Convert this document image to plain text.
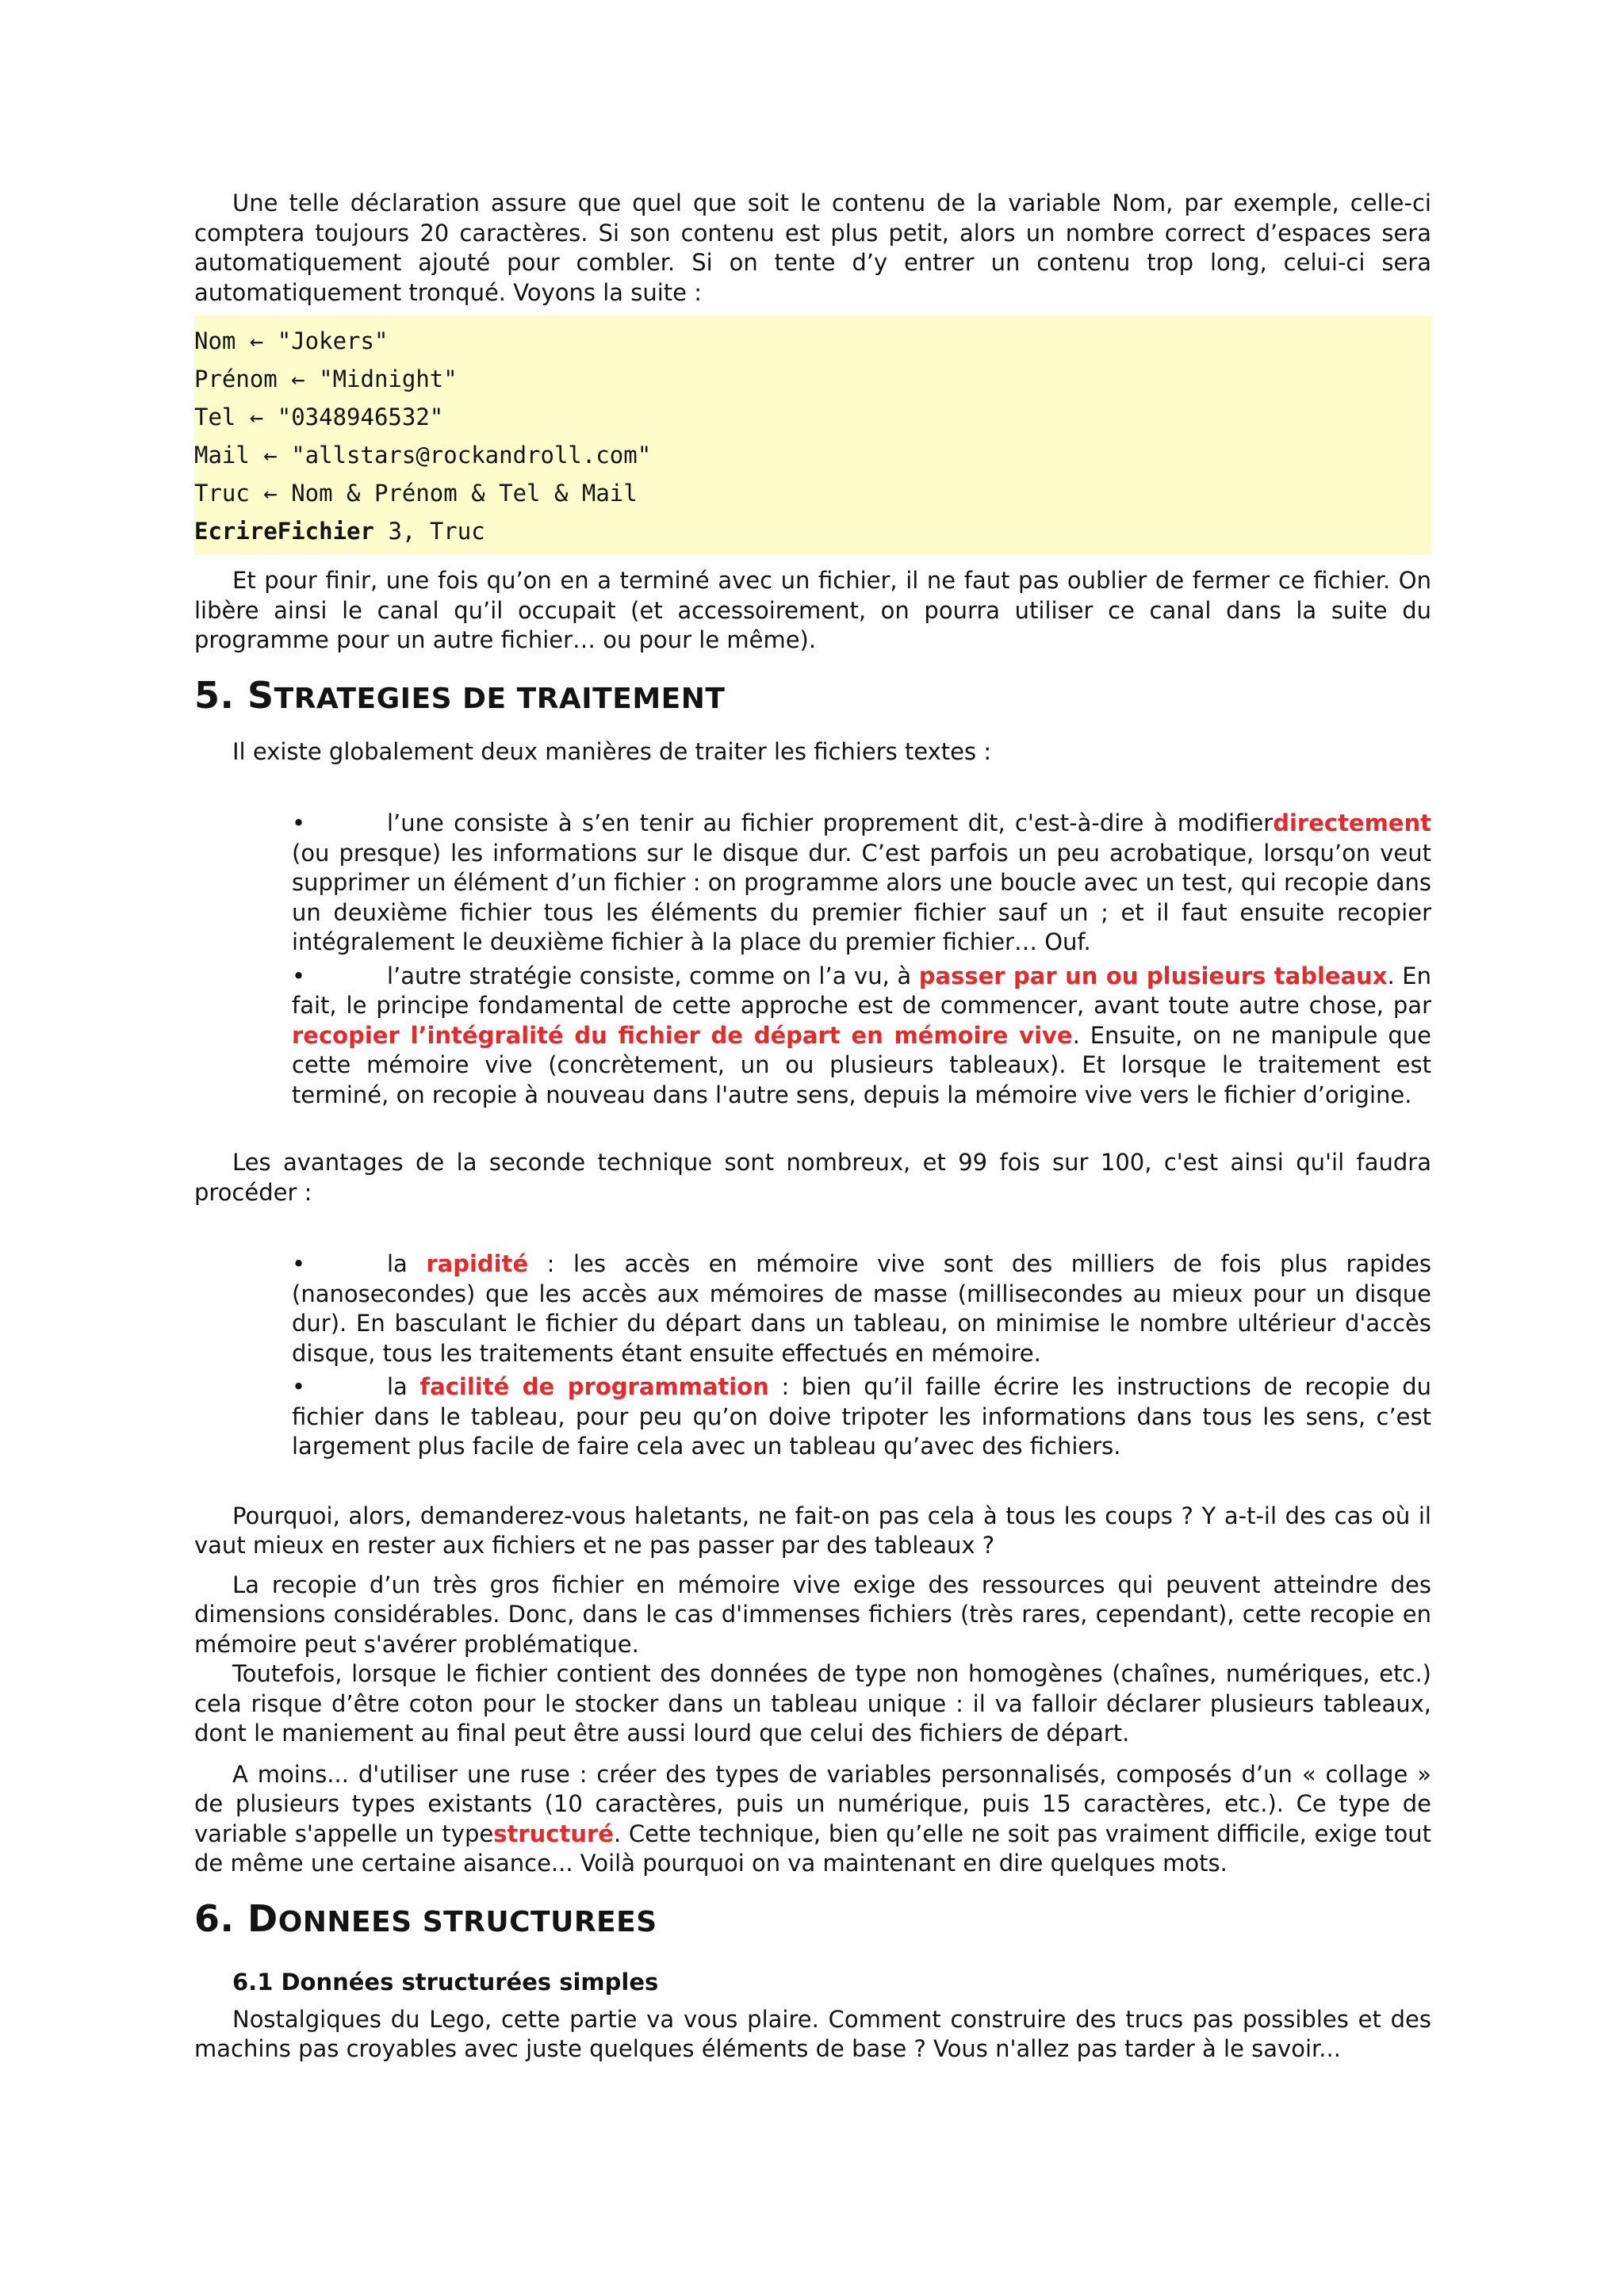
Une telle déclaration assure que quel que soit le contenu de la variable Nom, par exemple, celle-ci comptera toujours 20 caractères. Si son contenu est plus petit, alors un nombre correct d’espaces sera automatiquement ajouté pour combler. Si on tente d’y entrer un contenu trop long, celui-ci sera automatiquement tronqué. Voyons la suite :

Nom ← "Jokers"
Prénom ← "Midnight"
Tel ← "0348946532"
Mail ← "allstars@rockandroll.com"
Truc ← Nom & Prénom & Tel & Mail
EcrireFichier 3, Truc

Et pour finir, une fois qu’on en a terminé avec un fichier, il ne faut pas oublier de fermer ce fichier. On libère ainsi le canal qu’il occupait (et accessoirement, on pourra utiliser ce canal dans la suite du programme pour un autre fichier… ou pour le même).

5. STRATEGIES DE TRAITEMENT

Il existe globalement deux manières de traiter les fichiers textes :

•	l’une consiste à s’en tenir au fichier proprement dit, c'est-à-dire à modifierdirectement (ou presque) les informations sur le disque dur. C’est parfois un peu acrobatique, lorsqu’on veut supprimer un élément d’un fichier : on programme alors une boucle avec un test, qui recopie dans un deuxième fichier tous les éléments du premier fichier sauf un ; et il faut ensuite recopier intégralement le deuxième fichier à la place du premier fichier… Ouf.
•	l’autre stratégie consiste, comme on l’a vu, à passer par un ou plusieurs tableaux. En fait, le principe fondamental de cette approche est de commencer, avant toute autre chose, par recopier l’intégralité du fichier de départ en mémoire vive. Ensuite, on ne manipule que cette mémoire vive (concrètement, un ou plusieurs tableaux). Et lorsque le traitement est terminé, on recopie à nouveau dans l'autre sens, depuis la mémoire vive vers le fichier d’origine.

Les avantages de la seconde technique sont nombreux, et 99 fois sur 100, c'est ainsi qu'il faudra procéder :

•	la rapidité : les accès en mémoire vive sont des milliers de fois plus rapides (nanosecondes) que les accès aux mémoires de masse (millisecondes au mieux pour un disque dur). En basculant le fichier du départ dans un tableau, on minimise le nombre ultérieur d'accès disque, tous les traitements étant ensuite effectués en mémoire.
•	la facilité de programmation : bien qu’il faille écrire les instructions de recopie du fichier dans le tableau, pour peu qu’on doive tripoter les informations dans tous les sens, c’est largement plus facile de faire cela avec un tableau qu’avec des fichiers.

Pourquoi, alors, demanderez-vous haletants, ne fait-on pas cela à tous les coups ? Y a-t-il des cas où il vaut mieux en rester aux fichiers et ne pas passer par des tableaux ?

La recopie d’un très gros fichier en mémoire vive exige des ressources qui peuvent atteindre des dimensions considérables. Donc, dans le cas d'immenses fichiers (très rares, cependant), cette recopie en mémoire peut s'avérer problématique.

Toutefois, lorsque le fichier contient des données de type non homogènes (chaînes, numériques, etc.) cela risque d’être coton pour le stocker dans un tableau unique : il va falloir déclarer plusieurs tableaux, dont le maniement au final peut être aussi lourd que celui des fichiers de départ.

A moins... d'utiliser une ruse : créer des types de variables personnalisés, composés d’un « collage » de plusieurs types existants (10 caractères, puis un numérique, puis 15 caractères, etc.). Ce type de variable s'appelle un typestructuré. Cette technique, bien qu’elle ne soit pas vraiment difficile, exige tout de même une certaine aisance... Voilà pourquoi on va maintenant en dire quelques mots.

6. DONNEES STRUCTUREES
6.1 Données structurées simples

Nostalgiques du Lego, cette partie va vous plaire. Comment construire des trucs pas possibles et des machins pas croyables avec juste quelques éléments de base ? Vous n'allez pas tarder à le savoir...
